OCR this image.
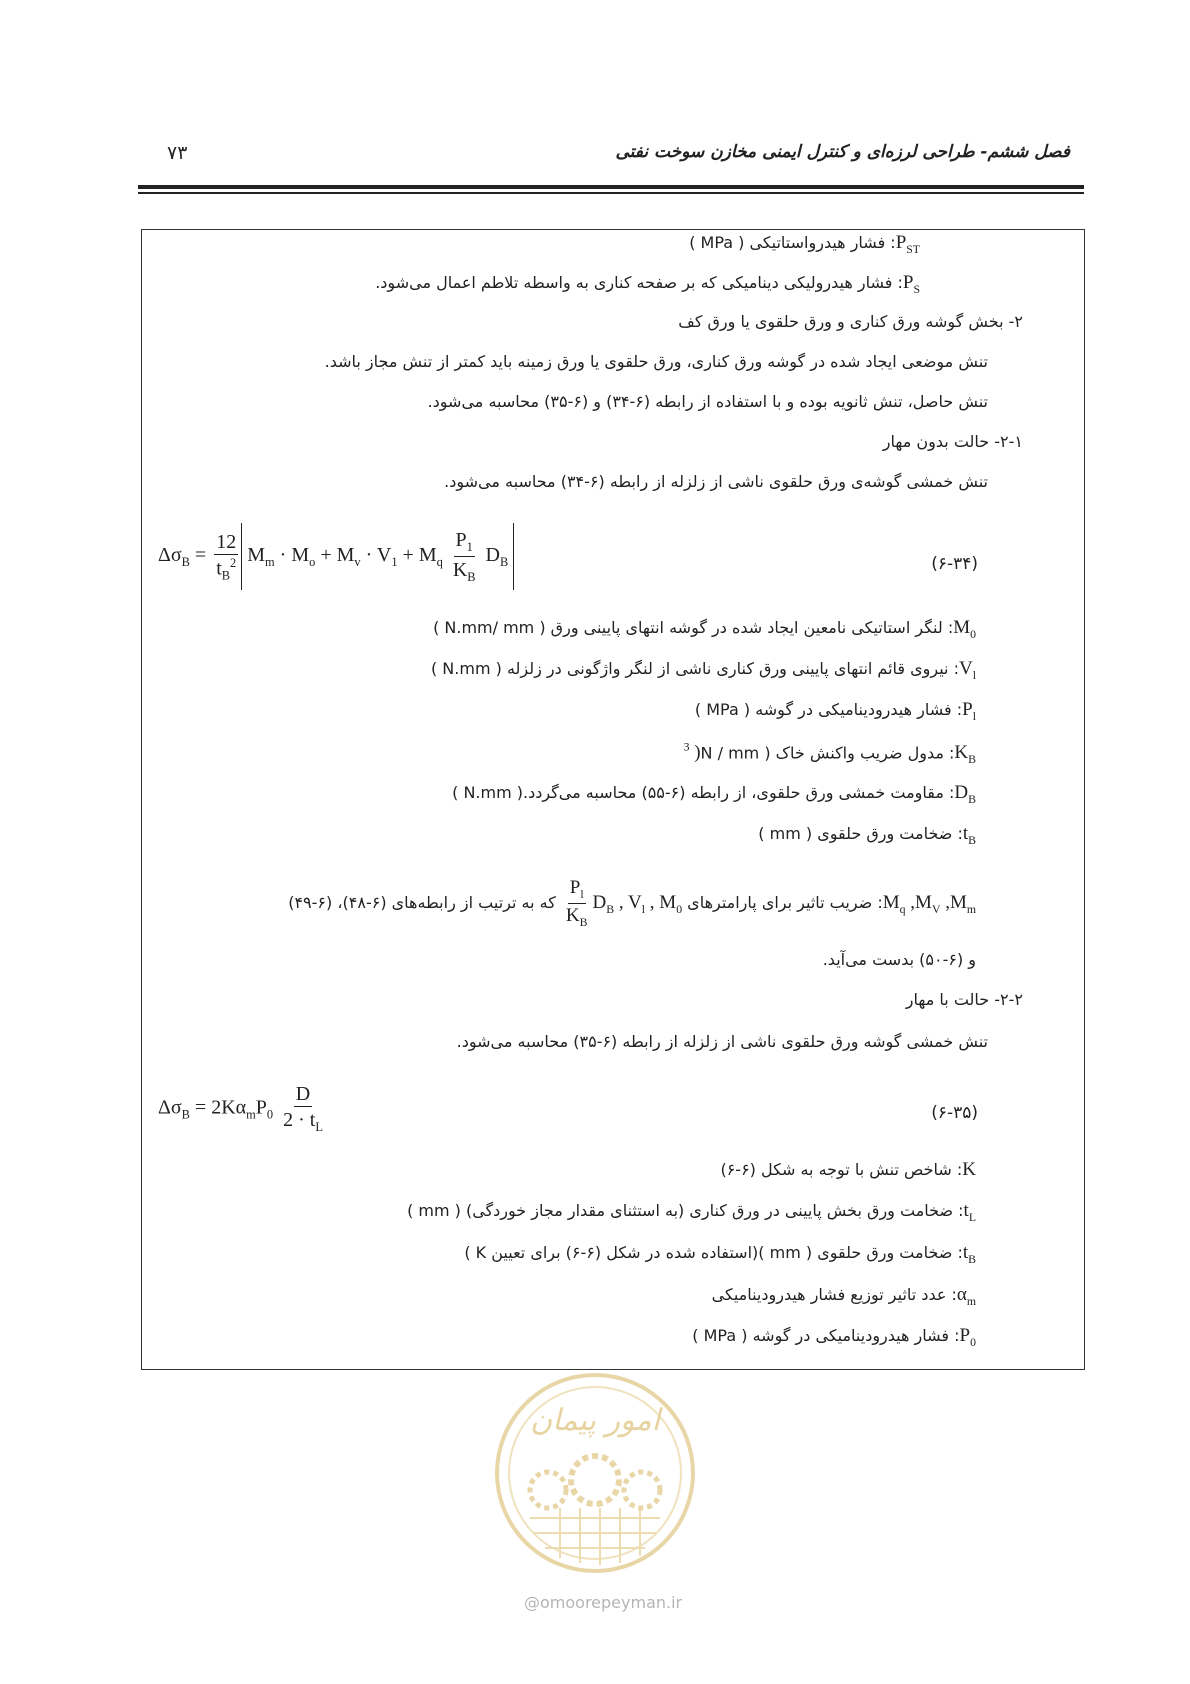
فصل ششم- طراحی لرزه‌ای و کنترل ایمنی مخازن سوخت نفتی
۷۳
$P_{ST}$: فشار هیدرواستاتیکی ( MPa )
$P_S$: فشار هیدرولیکی دینامیکی که بر صفحه کناری به واسطه تلاطم اعمال می‌شود.
۲- بخش گوشه ورق کناری و ورق حلقوی یا ورق کف
تنش موضعی ایجاد شده در گوشه ورق کناری، ورق حلقوی یا ورق زمینه باید کمتر از تنش مجاز باشد.
تنش حاصل، تنش ثانویه بوده و با استفاده از رابطه (۶-۳۴) و (۶-۳۵) محاسبه می‌شود.
۲-۱- حالت بدون مهار
تنش خمشی گوشه‌ی ورق حلقوی ناشی از زلزله از رابطه (۶-۳۴) محاسبه می‌شود.
$\Delta\sigma_B = \frac{12}{t_B^2} M_m \cdot M_o + M_v \cdot V_1 + M_q \frac{P_1}{K_B} D_B$	(۶-۳۴)
$M_0$: لنگر استاتیکی نامعین ایجاد شده در گوشه انتهای پایینی ورق ( N.mm/ mm )
$V_l$: نیروی قائم انتهای پایینی ورق کناری ناشی از لنگر واژگونی در زلزله ( N.mm )
$P_l$: فشار هیدرودینامیکی در گوشه ( MPa )
$K_B$: مدول ضریب واکنش خاک ( N / $mm^3$ )
$D_B$: مقاومت خمشی ورق حلقوی، از رابطه (۶-۵۵) محاسبه می‌گردد.( N.mm )
$t_B$: ضخامت ورق حلقوی ( mm )
$M_q$ $,M_V$ $,M_m$: ضریب تاثیر برای پارامترهای
$\frac{P_l}{K_B} D_B$ , $V_l$ , $M_0$ که به ترتیب از رابطه‌های (۶-۴۸)، (۶-۴۹)
و (۶-۵۰) بدست می‌آید.
۲-۲- حالت با مهار
تنش خمشی گوشه ورق حلقوی ناشی از زلزله از رابطه (۶-۳۵) محاسبه می‌شود.
$\Delta\sigma_B = 2K\alpha_mP_0 \frac{D}{2 \cdot t_L}$	(۶-۳۵)
K: شاخص تنش با توجه به شکل (۶-۶)
$t_L$: ضخامت ورق بخش پایینی در ورق کناری (به استثنای مقدار مجاز خوردگی) ( mm )
$t_B$: ضخامت ورق حلقوی ( mm )(استفاده شده در شکل (۶-۶) برای تعیین K )
$\alpha_m$: عدد تاثیر توزیع فشار هیدرودینامیکی
$P_0$: فشار هیدرودینامیکی در گوشه ( MPa )
امور پیمان
@omoorepeyman.ir
